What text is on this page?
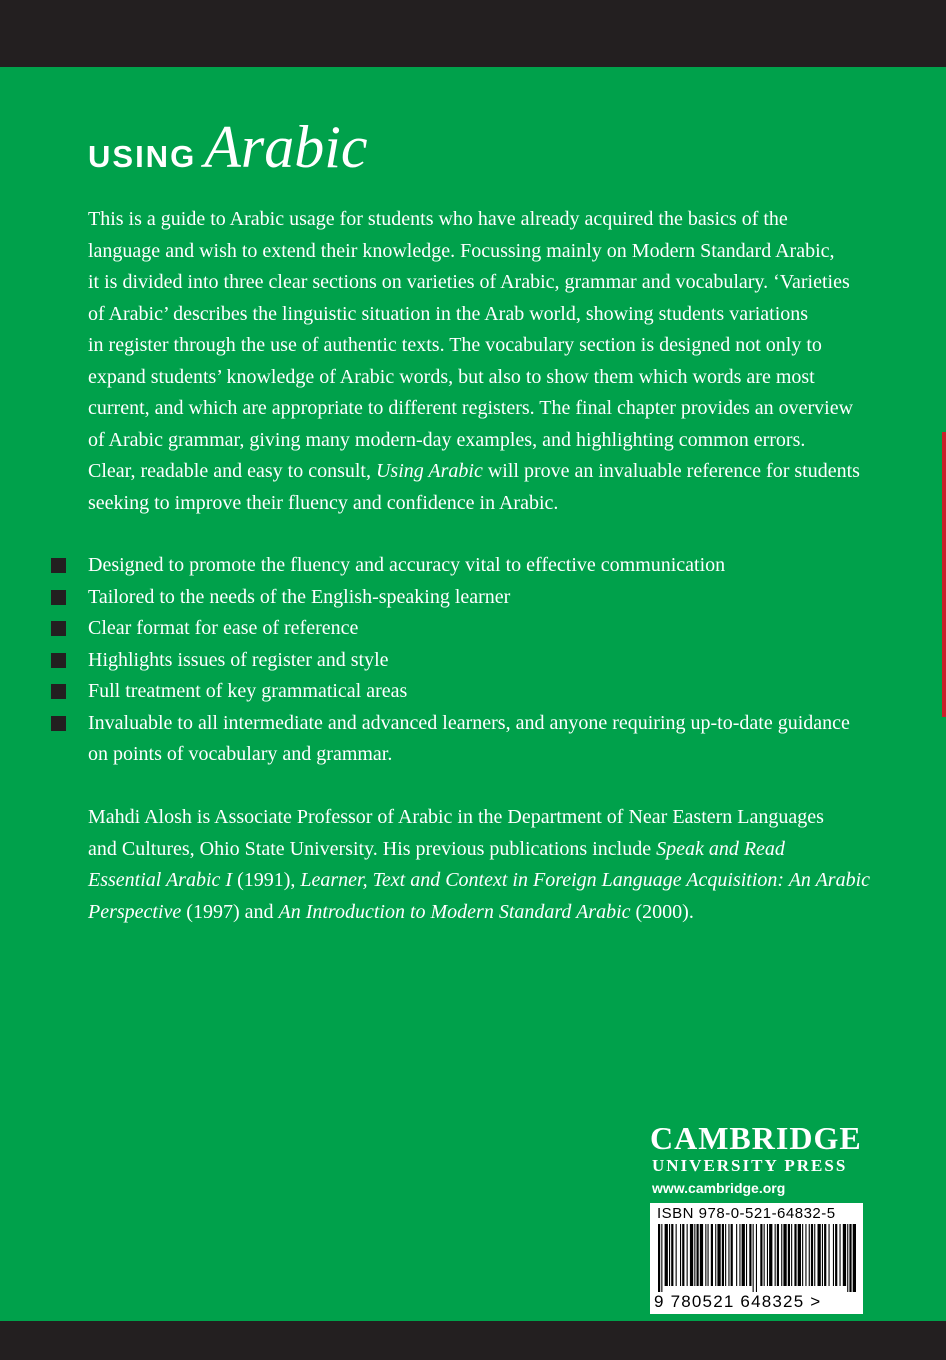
USING Arabic

This is a guide to Arabic usage for students who have already acquired the basics of the
language and wish to extend their knowledge. Focussing mainly on Modern Standard Arabic,
it is divided into three clear sections on varieties of Arabic, grammar and vocabulary. ‘Varieties
of Arabic’ describes the linguistic situation in the Arab world, showing students variations
in register through the use of authentic texts. The vocabulary section is designed not only to
expand students’ knowledge of Arabic words, but also to show them which words are most
current, and which are appropriate to different registers. The final chapter provides an overview
of Arabic grammar, giving many modern-day examples, and highlighting common errors.
Clear, readable and easy to consult, Using Arabic will prove an invaluable reference for students
seeking to improve their fluency and confidence in Arabic.

Designed to promote the fluency and accuracy vital to effective communication
Tailored to the needs of the English-speaking learner
Clear format for ease of reference
Highlights issues of register and style
Full treatment of key grammatical areas
Invaluable to all intermediate and advanced learners, and anyone requiring up-to-date guidance
on points of vocabulary and grammar.

Mahdi Alosh is Associate Professor of Arabic in the Department of Near Eastern Languages
and Cultures, Ohio State University. His previous publications include Speak and Read
Essential Arabic I (1991), Learner, Text and Context in Foreign Language Acquisition: An Arabic
Perspective (1997) and An Introduction to Modern Standard Arabic (2000).

CAMBRIDGE
UNIVERSITY PRESS
www.cambridge.org
ISBN 978-0-521-64832-5
9 780521 648325 >
